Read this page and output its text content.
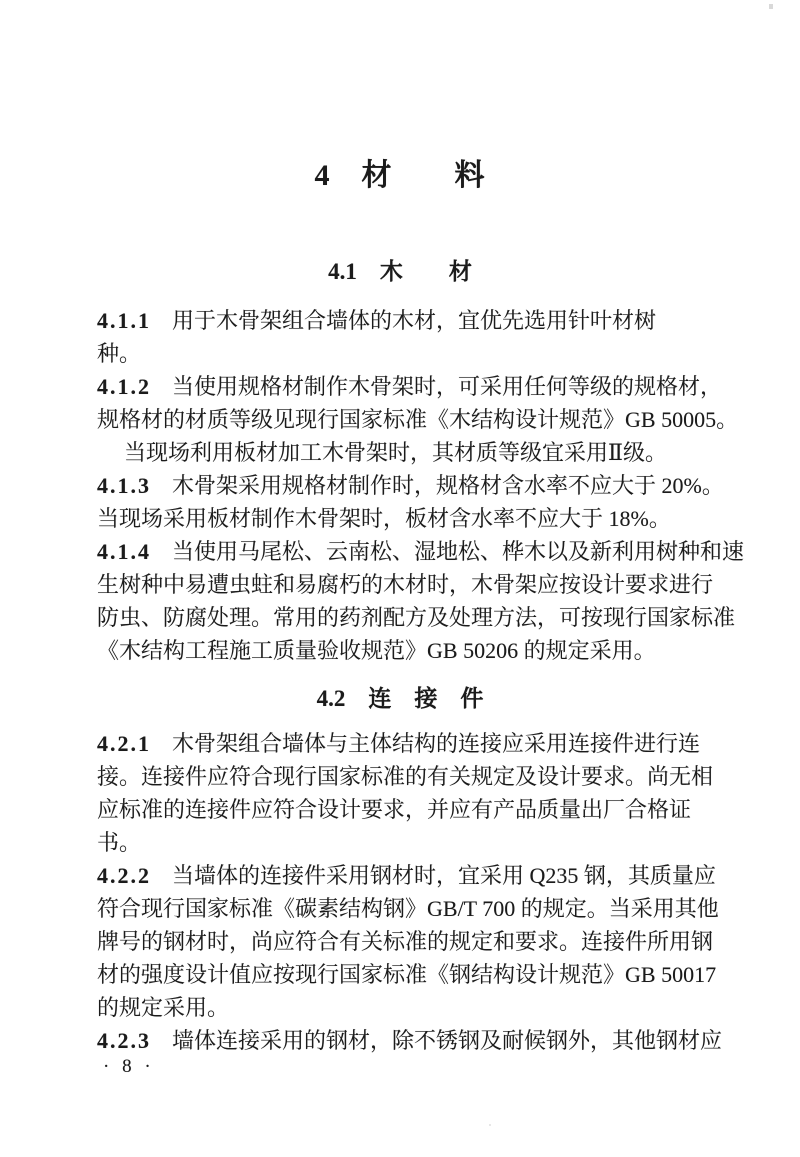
4　材　　料
4.1　木　　材
4.1.1 用于木骨架组合墙体的木材，宜优先选用针叶材树
种。
4.1.2 当使用规格材制作木骨架时，可采用任何等级的规格材，
规格材的材质等级见现行国家标准《木结构设计规范》GB 50005。
当现场利用板材加工木骨架时，其材质等级宜采用Ⅱ级。
4.1.3 木骨架采用规格材制作时，规格材含水率不应大于 20%。
当现场采用板材制作木骨架时，板材含水率不应大于 18%。
4.1.4 当使用马尾松、云南松、湿地松、桦木以及新利用树种和速
生树种中易遭虫蛀和易腐朽的木材时，木骨架应按设计要求进行
防虫、防腐处理。常用的药剂配方及处理方法，可按现行国家标准
《木结构工程施工质量验收规范》GB 50206 的规定采用。
4.2　连　接　件
4.2.1 木骨架组合墙体与主体结构的连接应采用连接件进行连
接。连接件应符合现行国家标准的有关规定及设计要求。尚无相
应标准的连接件应符合设计要求，并应有产品质量出厂合格证
书。
4.2.2 当墙体的连接件采用钢材时，宜采用 Q235 钢，其质量应
符合现行国家标准《碳素结构钢》GB/T 700 的规定。当采用其他
牌号的钢材时，尚应符合有关标准的规定和要求。连接件所用钢
材的强度设计值应按现行国家标准《钢结构设计规范》GB 50017
的规定采用。
4.2.3 墙体连接采用的钢材，除不锈钢及耐候钢外，其他钢材应
· 8 ·
